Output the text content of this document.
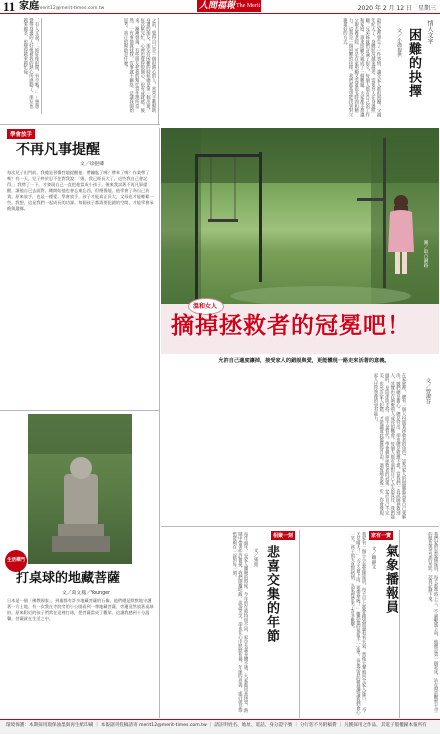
11 家庭 merit12@merit-times.com.tw	人間福報 The Merit Times	2020 年 2 月 12 日　星期三
，有人又說？「妳好像很閒，有空嗎？」…想想覺得身邊的人好像被我的熱心所感動了，朋友也越來越多，也變得越來越忙碌。	之前，覺得自己是一個很熱心的人，常常主動幫助身邊的朋友。朋友有困難的時候總是第一個出現，每次幫完忙，心裡也覺得很開心，很有成就感。後來，漸漸發現，有些朋友把我的幫忙當作理所當然，一有事情就找我，沒事就不聯絡。這讓我開始思考，真正的幫助是什麼？	最近家裡發生了一件事情，讓全家人都很困擾。父親年紀大了，身體狀況越來越差，需要有人在身邊照顧。兄弟姊妹們討論了很久，每個人都有自己的工作和家庭，誰來照顧父親成了一個難題。大家都不想讓父親去養老院，可是在家照顧又需要很多時間和精力。這真是一個困難的抉擇，我們都希望能找到對父親最好的方式。	情人文字
困難的抉擇
文／小漁提供
學會放手
不再凡事提醒
文／徐挹卿
每次兒子出門前，我總是習慣性地提醒他：帶鑰匙了嗎？帶傘了嗎？作業帶了嗎？有一天，兒子終於忍不住對我說：「媽，我已經長大了，這些我自己會記得。」我愣了一下，才發現自己一直把他當成小孩子。後來我試著不再凡事提醒，讓他自己去面對。剛開始他也會忘東忘西，但慢慢地，他學會了為自己負責。原來放手，也是一種愛。學會放手，孩子才能真正長大，父母也才能輕鬆一些。我想，這是我們一起成長的功課。每個孩子都需要犯錯的空間，才能學會承擔與選擇。
圖／取自網路
溫和女人
摘掉拯救者的冠冕吧！
允許自己適度讓掉，接受家人的錯誤與愛，更能體現一路走來活著的意義。
在家庭裡，總有一個人扮演著拯救者的角色，認為家人的問題都需要自己來解決。她們總是擔心，總是付出，卻也總是疲憊不堪。當我們一直試圖拯救別人，其實也在剝奪別人成長的機會。每個人都有面對自己人生的責任，我們能做的，是陪伴與支持，而不是替代。學會摘掉拯救者的冠冕，允許自己不完美，也允許家人犯錯，才能讓彼此都獲得自由。適度地退後一步，你會發現，家人比你想像的更有能力。	文／曾淑芬
生活禪門
打桌球的地藏菩薩
文／葛文鳳／Younger
日本是一個「佛教國家」，到處都有許多地藏菩薩的石像，他們總是默默地守護著一方土地。有一次我在寺院旁的小公園看到一尊地藏菩薩，旁邊竟然放著桌球拍，原來附近的孩子們常在這裡打球，把菩薩當成了觀眾。這讓我感到十分溫馨，菩薩就在生活之中。	我們家的氣象播報員，每天都準時上工，不論颳風下雨，他總是第一個起床，站在窗前觀察天空的顏色與雲朵的形狀，認真記錄下來。
家有一寶
氣象播報員
文／賴靜文
我家有一個小小氣象播報員，每天早上都會跑到窗邊看看天氣，然後大聲地向全家人報告：「今天是晴天！」「今天會下雨，要帶傘喔！」雖然他的預報不一定準，但他認真的模樣總讓我們會心一笑。孩子的天真與熱情，為家裡帶來了許多歡樂。
相聚一刻
悲喜交集的年節
文／張寬
每年過年，是家人團聚的時候。今年的年節特別不同，家中長輩身體不適，大家都回來探望，熱鬧中帶著些許擔憂。我們圍爐吃飯，說說笑笑，卻也在心中默默祈禱。年節的意義，或許就是珍惜能夠在一起的每一刻。
環境保護：本期採用環保油墨與再生紙印刷 ｜ 本報副刊投稿請寄 merit12@merit-times.com.tw ｜ 請註明姓名、地址、電話、身分證字號 ｜ 分行恕不另附稿費 ｜ 凡獲採用之作品，其電子版權歸本報所有
